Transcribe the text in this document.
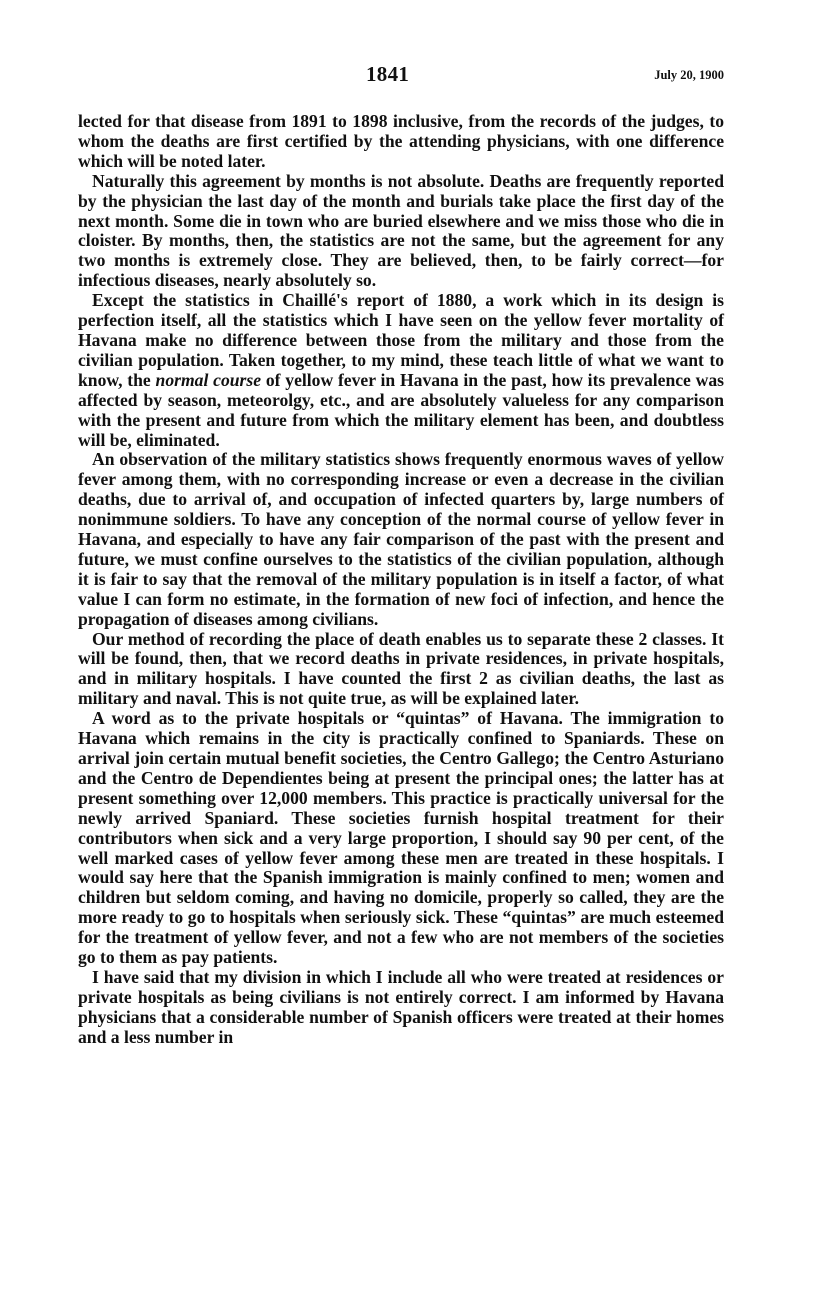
1841	July 20, 1900

lected for that disease from 1891 to 1898 inclusive, from the records of the judges, to whom the deaths are first certified by the attending physicians, with one difference which will be noted later.

Naturally this agreement by months is not absolute. Deaths are frequently reported by the physician the last day of the month and burials take place the first day of the next month. Some die in town who are buried elsewhere and we miss those who die in cloister. By months, then, the statistics are not the same, but the agreement for any two months is extremely close. They are believed, then, to be fairly correct—for infectious diseases, nearly absolutely so.

Except the statistics in Chaillé's report of 1880, a work which in its design is perfection itself, all the statistics which I have seen on the yellow fever mortality of Havana make no difference between those from the military and those from the civilian population. Taken together, to my mind, these teach little of what we want to know, the normal course of yellow fever in Havana in the past, how its prevalence was affected by season, meteorolgy, etc., and are absolutely valueless for any comparison with the present and future from which the military element has been, and doubtless will be, eliminated.

An observation of the military statistics shows frequently enormous waves of yellow fever among them, with no corresponding increase or even a decrease in the civilian deaths, due to arrival of, and occupation of infected quarters by, large numbers of nonimmune soldiers. To have any conception of the normal course of yellow fever in Havana, and especially to have any fair comparison of the past with the present and future, we must confine ourselves to the statistics of the civilian population, although it is fair to say that the removal of the military population is in itself a factor, of what value I can form no estimate, in the formation of new foci of infection, and hence the propagation of diseases among civilians.

Our method of recording the place of death enables us to separate these 2 classes. It will be found, then, that we record deaths in private residences, in private hospitals, and in military hospitals. I have counted the first 2 as civilian deaths, the last as military and naval. This is not quite true, as will be explained later.

A word as to the private hospitals or “quintas” of Havana. The immigration to Havana which remains in the city is practically confined to Spaniards. These on arrival join certain mutual benefit societies, the Centro Gallego; the Centro Asturiano and the Centro de Dependientes being at present the principal ones; the latter has at present something over 12,000 members. This practice is practically universal for the newly arrived Spaniard. These societies furnish hospital treatment for their contributors when sick and a very large proportion, I should say 90 per cent, of the well marked cases of yellow fever among these men are treated in these hospitals. I would say here that the Spanish immigration is mainly confined to men; women and children but seldom coming, and having no domicile, properly so called, they are the more ready to go to hospitals when seriously sick. These “quintas” are much esteemed for the treatment of yellow fever, and not a few who are not members of the societies go to them as pay patients.

I have said that my division in which I include all who were treated at residences or private hospitals as being civilians is not entirely correct. I am informed by Havana physicians that a considerable number of Spanish officers were treated at their homes and a less number in
